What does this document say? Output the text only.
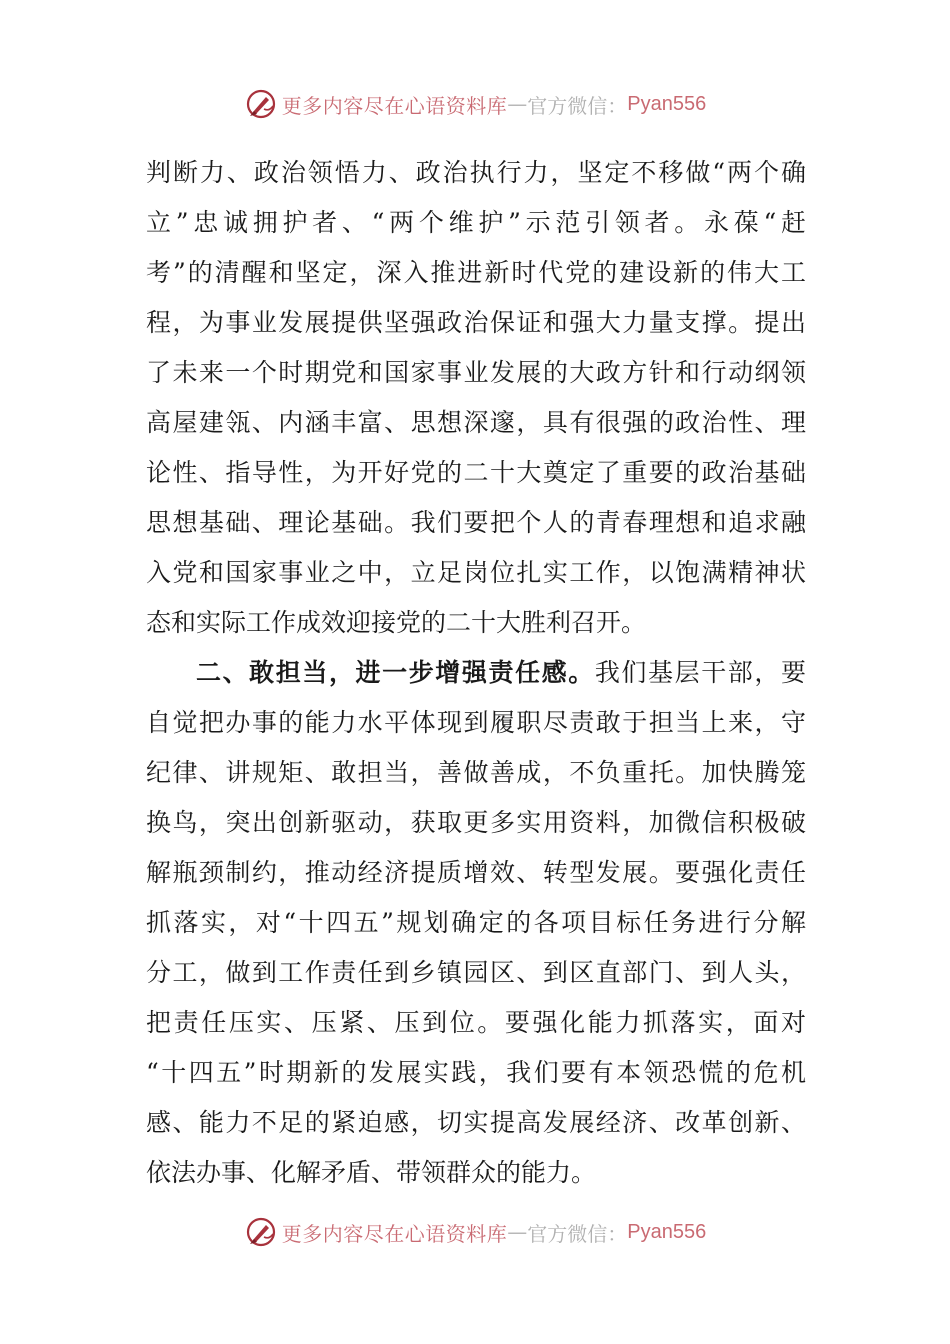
更多内容尽在心语资料库 — 官方微信： Pyan556
判断力、政治领悟力、政治执行力，坚定不移做“两个确
立”忠诚拥护者、“两个维护”示范引领者。永葆“赶
考”的清醒和坚定，深入推进新时代党的建设新的伟大工
程，为事业发展提供坚强政治保证和强大力量支撑。提出
了未来一个时期党和国家事业发展的大政方针和行动纲领
高屋建瓴、内涵丰富、思想深邃，具有很强的政治性、理
论性、指导性，为开好党的二十大奠定了重要的政治基础
思想基础、理论基础。我们要把个人的青春理想和追求融
入党和国家事业之中，立足岗位扎实工作，以饱满精神状
态和实际工作成效迎接党的二十大胜利召开。
二、敢担当，进一步增强责任感。我们基层干部，要
自觉把办事的能力水平体现到履职尽责敢于担当上来，守
纪律、讲规矩、敢担当，善做善成，不负重托。加快腾笼
换鸟，突出创新驱动，获取更多实用资料，加微信积极破
解瓶颈制约，推动经济提质增效、转型发展。要强化责任
抓落实，对“十四五”规划确定的各项目标任务进行分解
分工，做到工作责任到乡镇园区、到区直部门、到人头，
把责任压实、压紧、压到位。要强化能力抓落实，面对
“十四五”时期新的发展实践，我们要有本领恐慌的危机
感、能力不足的紧迫感，切实提高发展经济、改革创新、
依法办事、化解矛盾、带领群众的能力。
更多内容尽在心语资料库 — 官方微信： Pyan556
